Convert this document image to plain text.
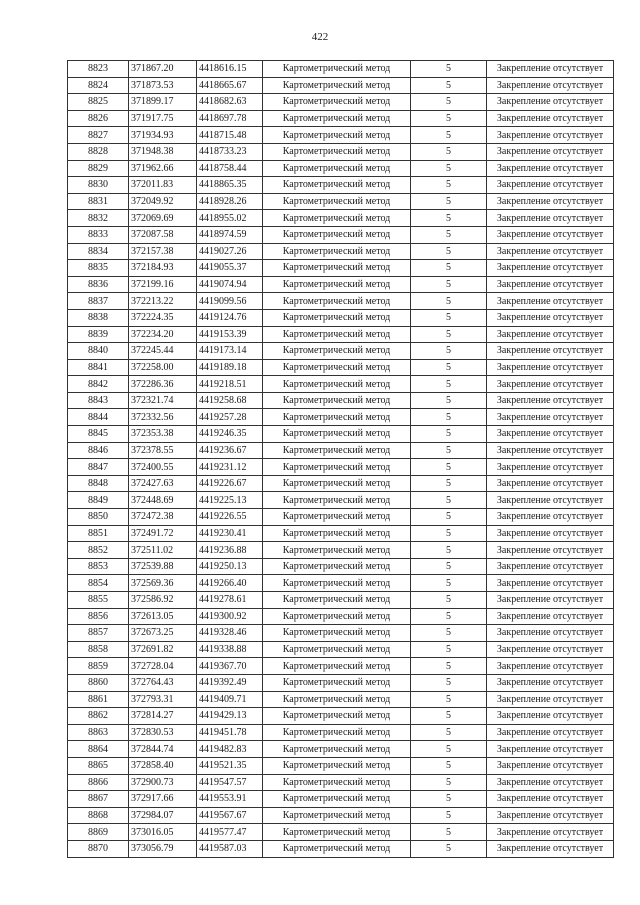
422
8823	371867.20	4418616.15	Картометрический метод	5	Закрепление отсутствует
8824	371873.53	4418665.67	Картометрический метод	5	Закрепление отсутствует
8825	371899.17	4418682.63	Картометрический метод	5	Закрепление отсутствует
8826	371917.75	4418697.78	Картометрический метод	5	Закрепление отсутствует
8827	371934.93	4418715.48	Картометрический метод	5	Закрепление отсутствует
8828	371948.38	4418733.23	Картометрический метод	5	Закрепление отсутствует
8829	371962.66	4418758.44	Картометрический метод	5	Закрепление отсутствует
8830	372011.83	4418865.35	Картометрический метод	5	Закрепление отсутствует
8831	372049.92	4418928.26	Картометрический метод	5	Закрепление отсутствует
8832	372069.69	4418955.02	Картометрический метод	5	Закрепление отсутствует
8833	372087.58	4418974.59	Картометрический метод	5	Закрепление отсутствует
8834	372157.38	4419027.26	Картометрический метод	5	Закрепление отсутствует
8835	372184.93	4419055.37	Картометрический метод	5	Закрепление отсутствует
8836	372199.16	4419074.94	Картометрический метод	5	Закрепление отсутствует
8837	372213.22	4419099.56	Картометрический метод	5	Закрепление отсутствует
8838	372224.35	4419124.76	Картометрический метод	5	Закрепление отсутствует
8839	372234.20	4419153.39	Картометрический метод	5	Закрепление отсутствует
8840	372245.44	4419173.14	Картометрический метод	5	Закрепление отсутствует
8841	372258.00	4419189.18	Картометрический метод	5	Закрепление отсутствует
8842	372286.36	4419218.51	Картометрический метод	5	Закрепление отсутствует
8843	372321.74	4419258.68	Картометрический метод	5	Закрепление отсутствует
8844	372332.56	4419257.28	Картометрический метод	5	Закрепление отсутствует
8845	372353.38	4419246.35	Картометрический метод	5	Закрепление отсутствует
8846	372378.55	4419236.67	Картометрический метод	5	Закрепление отсутствует
8847	372400.55	4419231.12	Картометрический метод	5	Закрепление отсутствует
8848	372427.63	4419226.67	Картометрический метод	5	Закрепление отсутствует
8849	372448.69	4419225.13	Картометрический метод	5	Закрепление отсутствует
8850	372472.38	4419226.55	Картометрический метод	5	Закрепление отсутствует
8851	372491.72	4419230.41	Картометрический метод	5	Закрепление отсутствует
8852	372511.02	4419236.88	Картометрический метод	5	Закрепление отсутствует
8853	372539.88	4419250.13	Картометрический метод	5	Закрепление отсутствует
8854	372569.36	4419266.40	Картометрический метод	5	Закрепление отсутствует
8855	372586.92	4419278.61	Картометрический метод	5	Закрепление отсутствует
8856	372613.05	4419300.92	Картометрический метод	5	Закрепление отсутствует
8857	372673.25	4419328.46	Картометрический метод	5	Закрепление отсутствует
8858	372691.82	4419338.88	Картометрический метод	5	Закрепление отсутствует
8859	372728.04	4419367.70	Картометрический метод	5	Закрепление отсутствует
8860	372764.43	4419392.49	Картометрический метод	5	Закрепление отсутствует
8861	372793.31	4419409.71	Картометрический метод	5	Закрепление отсутствует
8862	372814.27	4419429.13	Картометрический метод	5	Закрепление отсутствует
8863	372830.53	4419451.78	Картометрический метод	5	Закрепление отсутствует
8864	372844.74	4419482.83	Картометрический метод	5	Закрепление отсутствует
8865	372858.40	4419521.35	Картометрический метод	5	Закрепление отсутствует
8866	372900.73	4419547.57	Картометрический метод	5	Закрепление отсутствует
8867	372917.66	4419553.91	Картометрический метод	5	Закрепление отсутствует
8868	372984.07	4419567.67	Картометрический метод	5	Закрепление отсутствует
8869	373016.05	4419577.47	Картометрический метод	5	Закрепление отсутствует
8870	373056.79	4419587.03	Картометрический метод	5	Закрепление отсутствует
